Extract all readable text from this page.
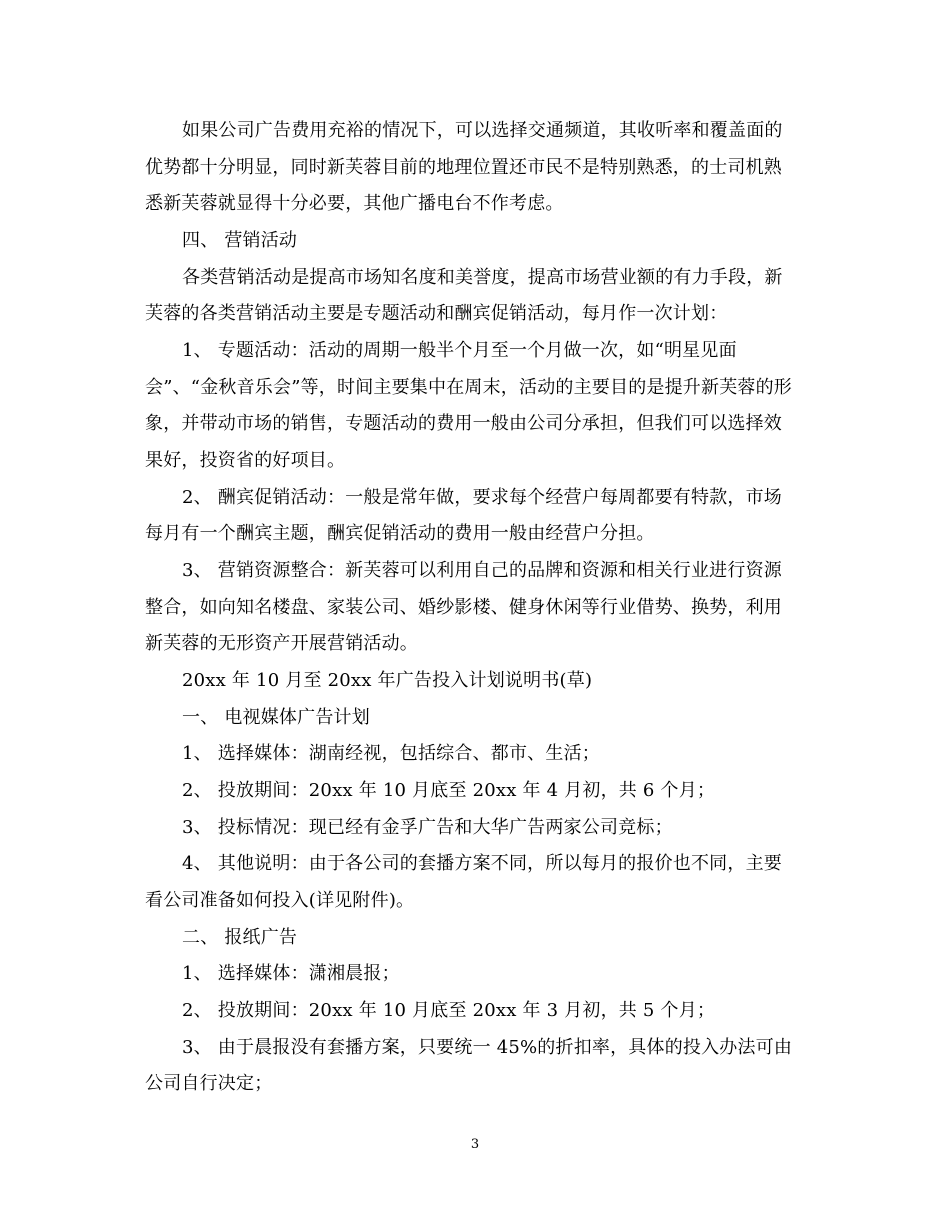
如果公司广告费用充裕的情况下，可以选择交通频道，其收听率和覆盖面的
优势都十分明显，同时新芙蓉目前的地理位置还市民不是特别熟悉，的士司机熟
悉新芙蓉就显得十分必要，其他广播电台不作考虑。
四、 营销活动
各类营销活动是提高市场知名度和美誉度，提高市场营业额的有力手段，新
芙蓉的各类营销活动主要是专题活动和酬宾促销活动，每月作一次计划：
1、 专题活动：活动的周期一般半个月至一个月做一次，如“明星见面
会”、“金秋音乐会”等，时间主要集中在周末，活动的主要目的是提升新芙蓉的形
象，并带动市场的销售，专题活动的费用一般由公司分承担，但我们可以选择效
果好，投资省的好项目。
2、 酬宾促销活动：一般是常年做，要求每个经营户每周都要有特款，市场
每月有一个酬宾主题，酬宾促销活动的费用一般由经营户分担。
3、 营销资源整合：新芙蓉可以利用自己的品牌和资源和相关行业进行资源
整合，如向知名楼盘、家装公司、婚纱影楼、健身休闲等行业借势、换势，利用
新芙蓉的无形资产开展营销活动。
20xx 年 10 月至 20xx 年广告投入计划说明书(草)
一、 电视媒体广告计划
1、 选择媒体：湖南经视，包括综合、都市、生活；
2、 投放期间：20xx 年 10 月底至 20xx 年 4 月初，共 6 个月；
3、 投标情况：现已经有金孚广告和大华广告两家公司竞标；
4、 其他说明：由于各公司的套播方案不同，所以每月的报价也不同，主要
看公司准备如何投入(详见附件)。
二、 报纸广告
1、 选择媒体：潇湘晨报；
2、 投放期间：20xx 年 10 月底至 20xx 年 3 月初，共 5 个月；
3、 由于晨报没有套播方案，只要统一 45%的折扣率，具体的投入办法可由
公司自行决定；
3
